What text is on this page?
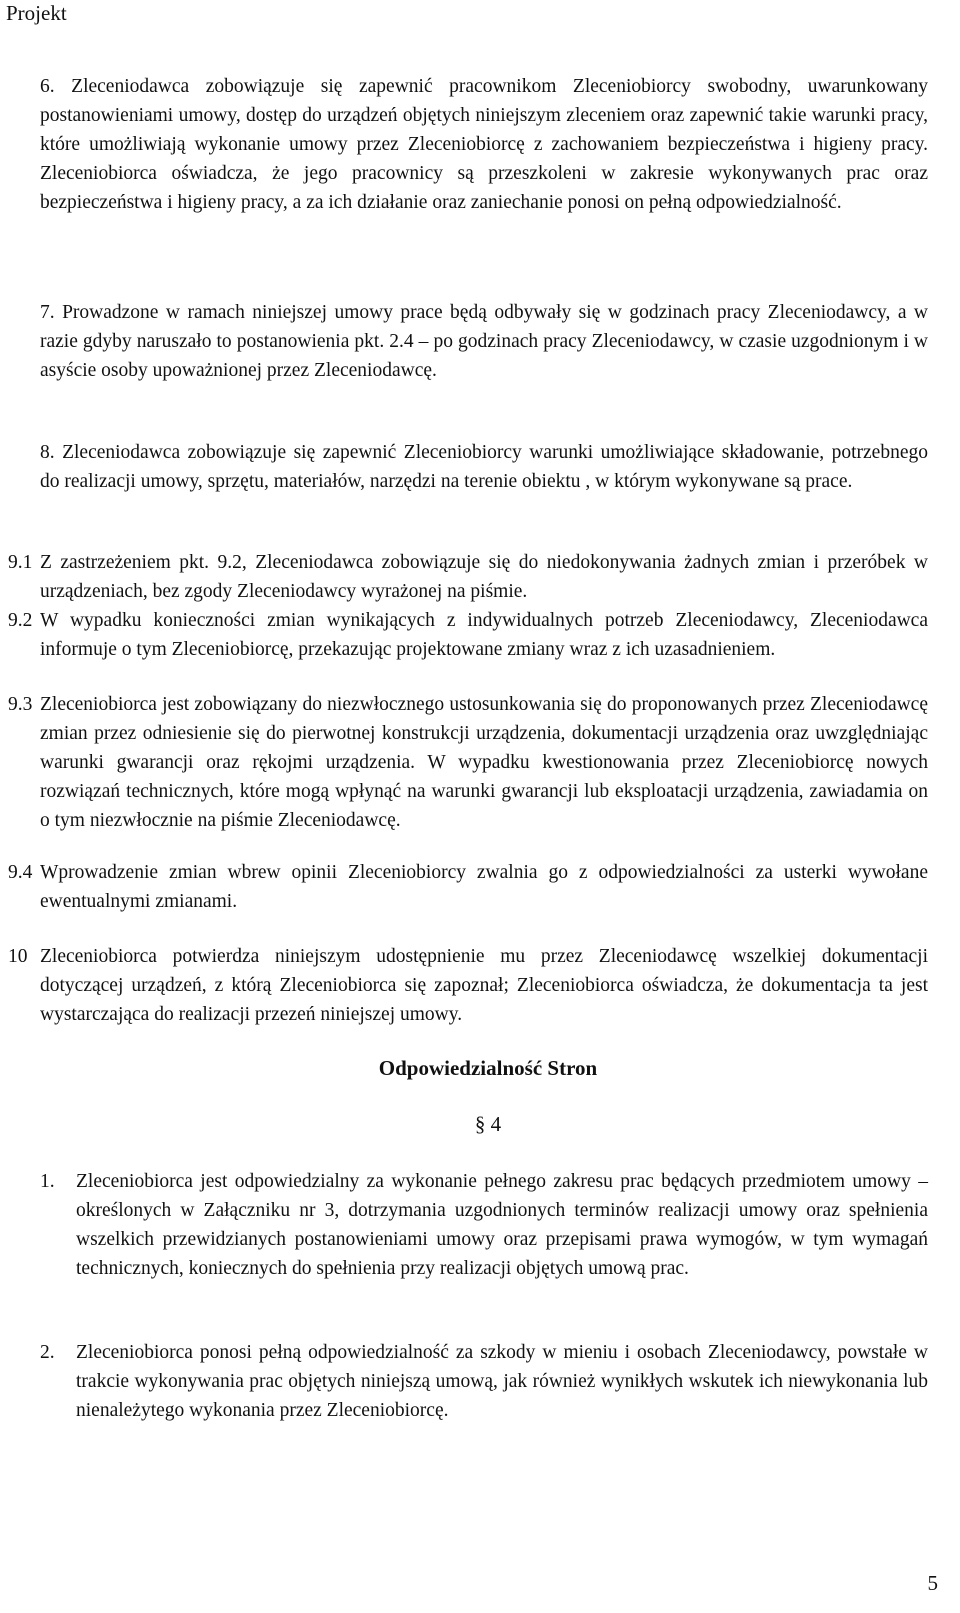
Projekt
6. Zleceniodawca zobowiązuje się zapewnić pracownikom Zleceniobiorcy swobodny, uwarunkowany postanowieniami umowy, dostęp do urządzeń objętych niniejszym zleceniem oraz zapewnić takie warunki pracy, które umożliwiają wykonanie umowy przez Zleceniobiorcę z zachowaniem bezpieczeństwa i higieny pracy. Zleceniobiorca oświadcza, że jego pracownicy są przeszkoleni w zakresie wykonywanych prac oraz bezpieczeństwa i higieny pracy, a za ich działanie oraz zaniechanie ponosi on pełną odpowiedzialność.
7. Prowadzone w ramach niniejszej umowy prace będą odbywały się w godzinach pracy Zleceniodawcy, a w razie gdyby naruszało to postanowienia pkt. 2.4 – po godzinach pracy Zleceniodawcy, w czasie uzgodnionym i w asyście osoby upoważnionej przez Zleceniodawcę.
8. Zleceniodawca zobowiązuje się zapewnić Zleceniobiorcy warunki umożliwiające składowanie, potrzebnego do realizacji umowy, sprzętu, materiałów, narzędzi na terenie obiektu , w którym wykonywane są prace.
9.1 Z zastrzeżeniem pkt. 9.2, Zleceniodawca zobowiązuje się do niedokonywania żadnych zmian i przeróbek w urządzeniach, bez zgody Zleceniodawcy wyrażonej na piśmie.
9.2 W wypadku konieczności zmian wynikających z indywidualnych potrzeb Zleceniodawcy, Zleceniodawca informuje o tym Zleceniobiorcę, przekazując projektowane zmiany wraz z ich uzasadnieniem.
9.3 Zleceniobiorca jest zobowiązany do niezwłocznego ustosunkowania się do proponowanych przez Zleceniodawcę zmian przez odniesienie się do pierwotnej konstrukcji urządzenia, dokumentacji urządzenia oraz uwzględniając warunki gwarancji oraz rękojmi urządzenia. W wypadku kwestionowania przez Zleceniobiorcę nowych rozwiązań technicznych, które mogą wpłynąć na warunki gwarancji lub eksploatacji urządzenia, zawiadamia on o tym niezwłocznie na piśmie Zleceniodawcę.
9.4 Wprowadzenie zmian wbrew opinii Zleceniobiorcy zwalnia go z odpowiedzialności za usterki wywołane ewentualnymi zmianami.
10 Zleceniobiorca potwierdza niniejszym udostępnienie mu przez Zleceniodawcę wszelkiej dokumentacji dotyczącej urządzeń, z którą Zleceniobiorca się zapoznał; Zleceniobiorca oświadcza, że dokumentacja ta jest wystarczająca do realizacji przezeń niniejszej umowy.
Odpowiedzialność Stron
§ 4
1. Zleceniobiorca jest odpowiedzialny za wykonanie pełnego zakresu prac będących przedmiotem umowy – określonych w Załączniku nr 3, dotrzymania uzgodnionych terminów realizacji umowy oraz spełnienia wszelkich przewidzianych postanowieniami umowy oraz przepisami prawa wymogów, w tym wymagań technicznych, koniecznych do spełnienia przy realizacji objętych umową prac.
2. Zleceniobiorca ponosi pełną odpowiedzialność za szkody w mieniu i osobach Zleceniodawcy, powstałe w trakcie wykonywania prac objętych niniejszą umową, jak również wynikłych wskutek ich niewykonania lub nienależytego wykonania przez Zleceniobiorcę.
5
